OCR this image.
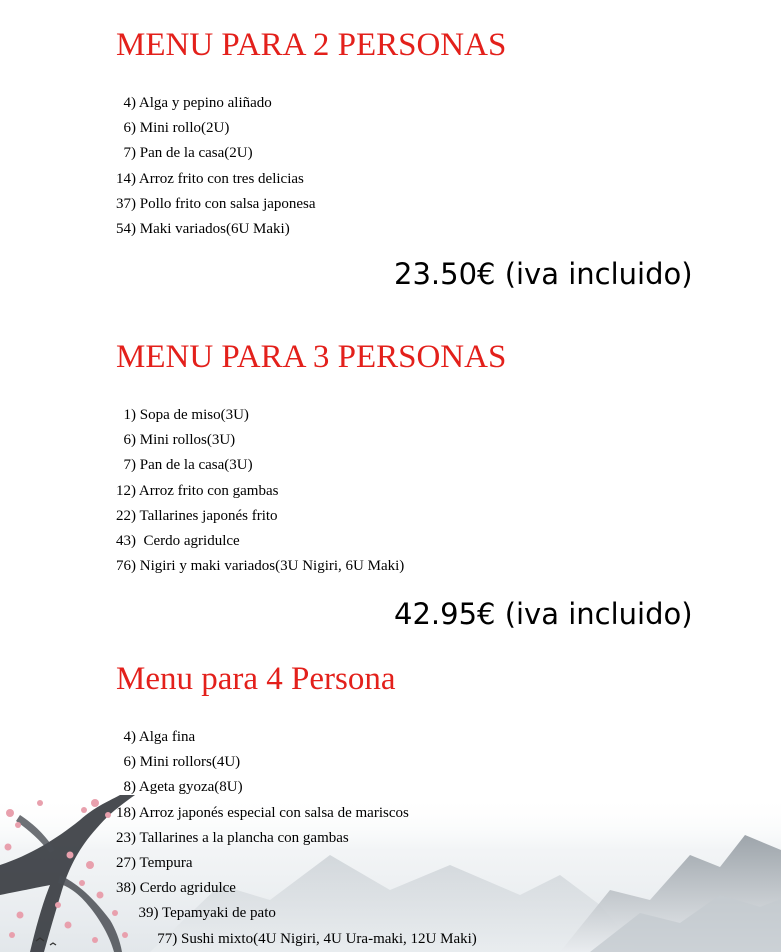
MENU PARA 2 PERSONAS
4) Alga y pepino aliñado
6) Mini rollo(2U)
7) Pan de la casa(2U)
14) Arroz frito con tres delicias
37) Pollo frito con salsa japonesa
54) Maki variados(6U Maki)
23.50€ (iva incluido)
MENU PARA 3 PERSONAS
1) Sopa de miso(3U)
6) Mini rollos(3U)
7) Pan de la casa(3U)
12) Arroz frito con gambas
22) Tallarines japonés frito
43)  Cerdo agridulce
76) Nigiri y maki variados(3U Nigiri, 6U Maki)
42.95€ (iva incluido)
Menu para 4 Persona
4) Alga fina
6) Mini rollors(4U)
8) Ageta gyoza(8U)
18) Arroz japonés especial con salsa de mariscos
23) Tallarines a la plancha con gambas
27) Tempura
38) Cerdo agridulce
39) Tepamyaki de pato
77) Sushi mixto(4U Nigiri, 4U Ura-maki, 12U Maki)
